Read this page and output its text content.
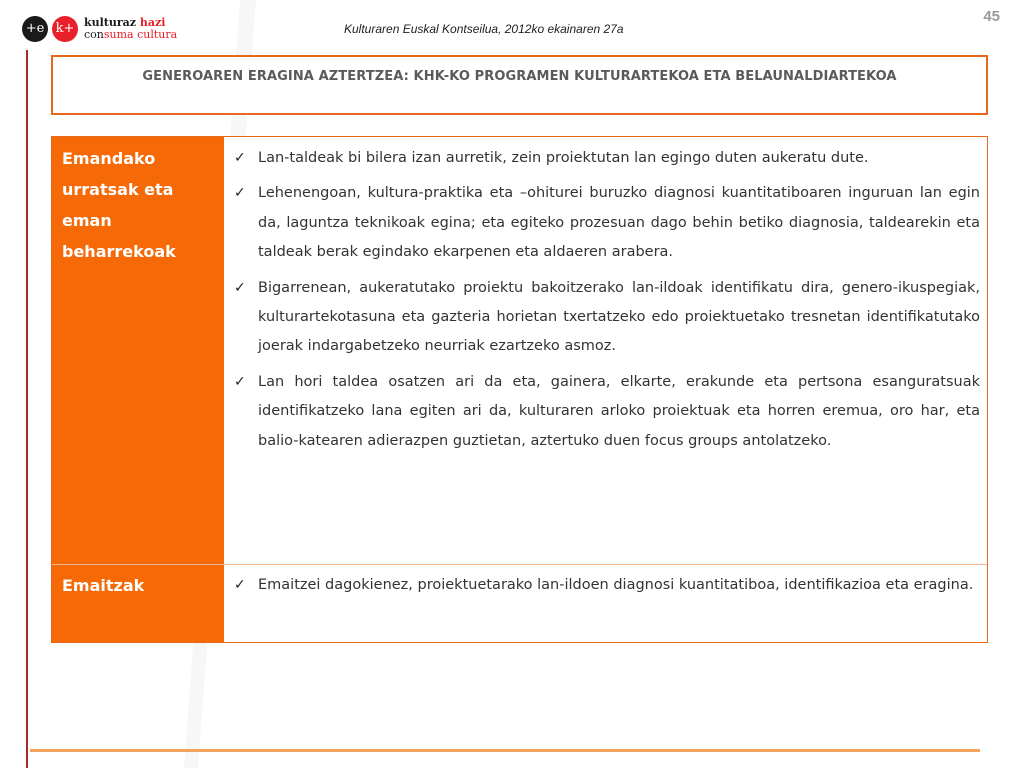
+e k+ kulturaz hazi
consuma cultura	Kulturaren Euskal Kontseilua, 2012ko ekainaren 27a
45
GENEROAREN ERAGINA AZTERTZEA: KHK-KO PROGRAMEN KULTURARTEKOA ETA BELAUNALDIARTEKOA
Emandako urratsak eta eman beharrekoak
✓ Lan-taldeak bi bilera izan aurretik, zein proiektutan lan egingo duten aukeratu dute.
✓ Lehenengoan, kultura-praktika eta –ohiturei buruzko diagnosi kuantitatiboaren inguruan lan egin da, laguntza teknikoak egina; eta egiteko prozesuan dago behin betiko diagnosia, taldearekin eta taldeak berak egindako ekarpenen eta aldaeren arabera.
✓ Bigarrenean, aukeratutako proiektu bakoitzerako lan-ildoak identifikatu dira, genero-ikuspegiak, kulturartekotasuna eta gazteria horietan txertatzeko edo proiektuetako tresnetan identifikatutako joerak indargabetzeko neurriak ezartzeko asmoz.
✓ Lan hori taldea osatzen ari da eta, gainera, elkarte, erakunde eta pertsona esanguratsuak identifikatzeko lana egiten ari da, kulturaren arloko proiektuak eta horren eremua, oro har, eta balio-katearen adierazpen guztietan, aztertuko duen focus groups antolatzeko.
Emaitzak	✓ Emaitzei dagokienez, proiektuetarako lan-ildoen diagnosi kuantitatiboa, identifikazioa eta eragina.
